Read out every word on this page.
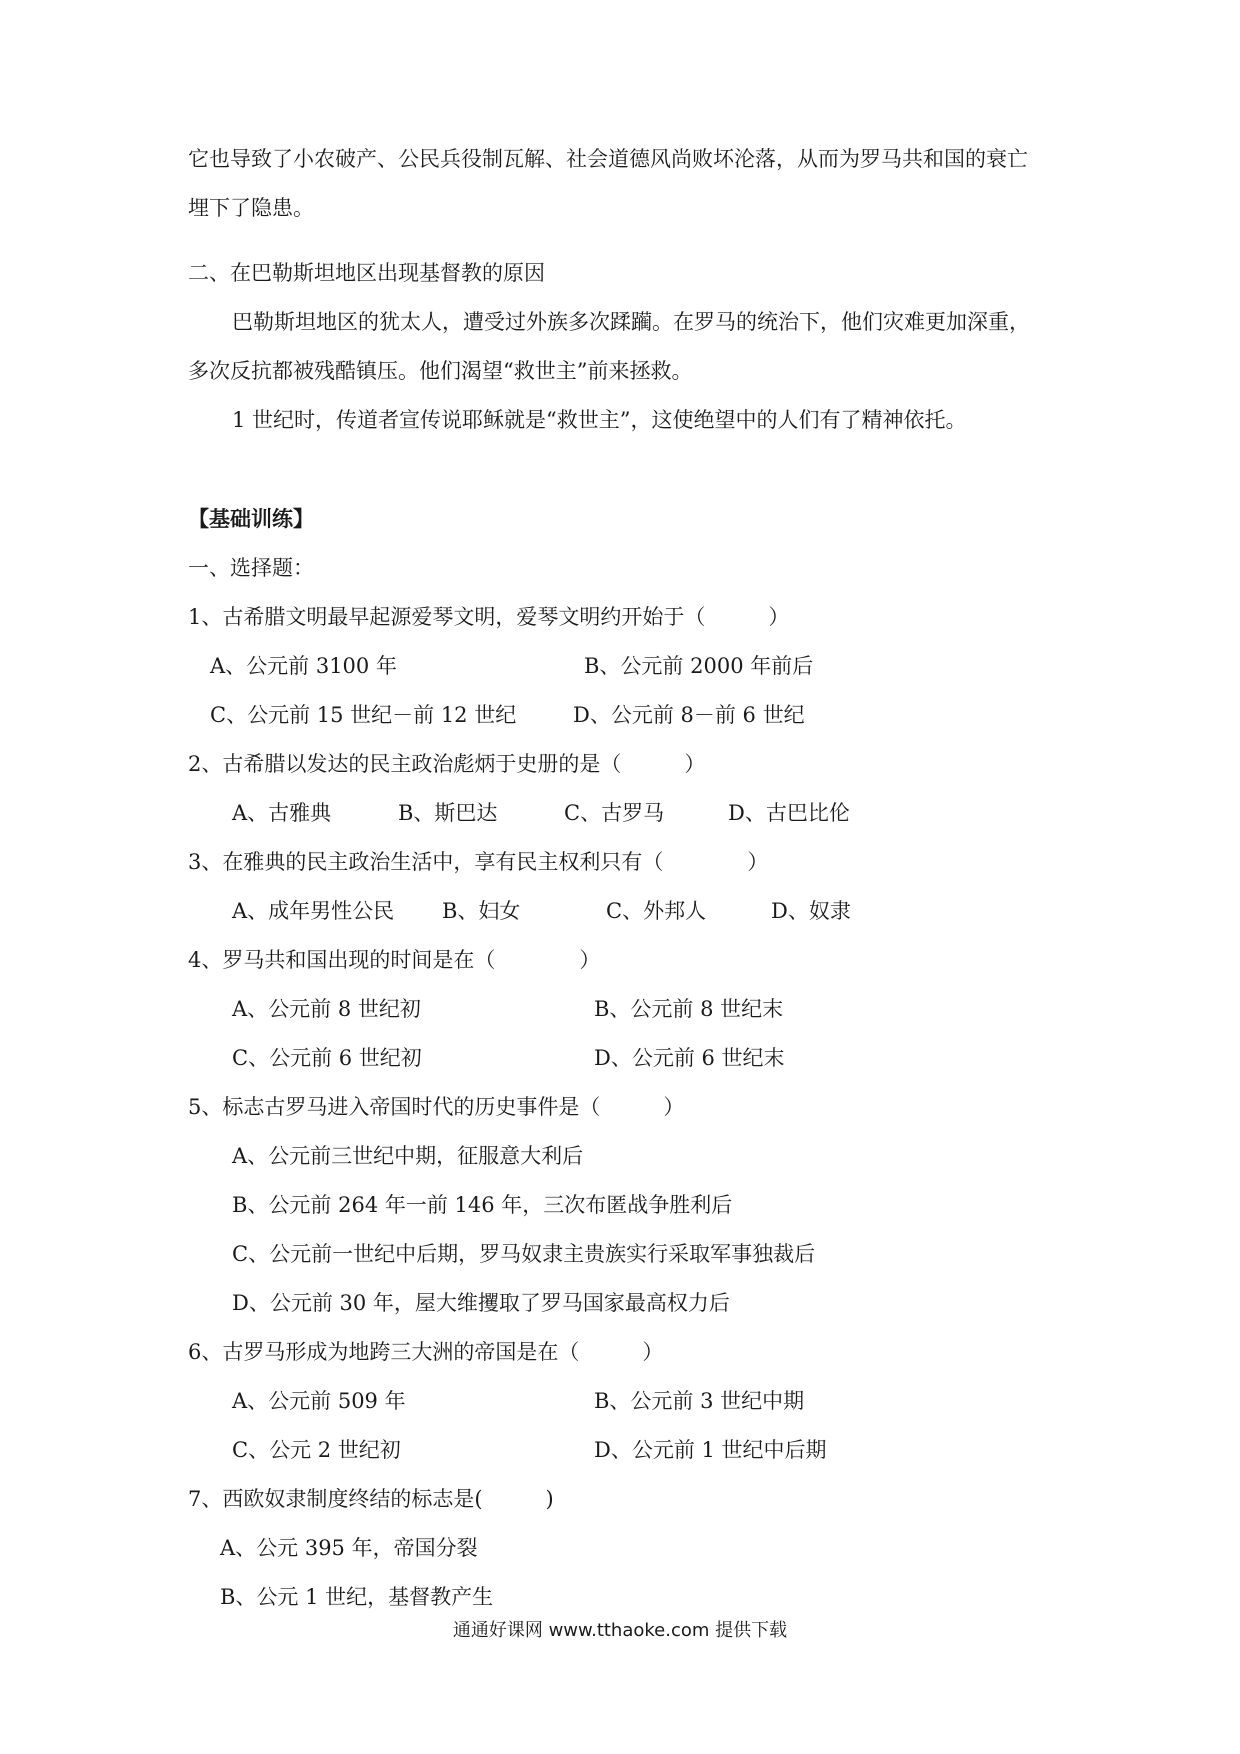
它也导致了小农破产、公民兵役制瓦解、社会道德风尚败坏沦落，从而为罗马共和国的衰亡
埋下了隐患。
二、在巴勒斯坦地区出现基督教的原因
巴勒斯坦地区的犹太人，遭受过外族多次蹂躏。在罗马的统治下，他们灾难更加深重，
多次反抗都被残酷镇压。他们渴望“救世主”前来拯救。
1 世纪时，传道者宣传说耶稣就是“救世主”，这使绝望中的人们有了精神依托。
【基础训练】
一、选择题：
1、古希腊文明最早起源爱琴文明，爱琴文明约开始于（　　　）
A、公元前 3100 年	B、公元前 2000 年前后
C、公元前 15 世纪－前 12 世纪	D、公元前 8－前 6 世纪
2、古希腊以发达的民主政治彪炳于史册的是（　　　）
A、古雅典	B、斯巴达	C、古罗马	D、古巴比伦
3、在雅典的民主政治生活中，享有民主权利只有（　　　　）
A、成年男性公民 B、妇女	C、外邦人	D、奴隶
4、罗马共和国出现的时间是在（　　　　）
A、公元前 8 世纪初	B、公元前 8 世纪末
C、公元前 6 世纪初	D、公元前 6 世纪末
5、标志古罗马进入帝国时代的历史事件是（　　　）
A、公元前三世纪中期，征服意大利后
B、公元前 264 年一前 146 年，三次布匿战争胜利后
C、公元前一世纪中后期，罗马奴隶主贵族实行采取军事独裁后
D、公元前 30 年，屋大维攫取了罗马国家最高权力后
6、古罗马形成为地跨三大洲的帝国是在（　　　）
A、公元前 509 年	B、公元前 3 世纪中期
C、公元 2 世纪初	D、公元前 1 世纪中后期
7、西欧奴隶制度终结的标志是(　　　)
A、公元 395 年，帝国分裂
B、公元 1 世纪，基督教产生
通通好课网 www.tthaoke.com 提供下载
